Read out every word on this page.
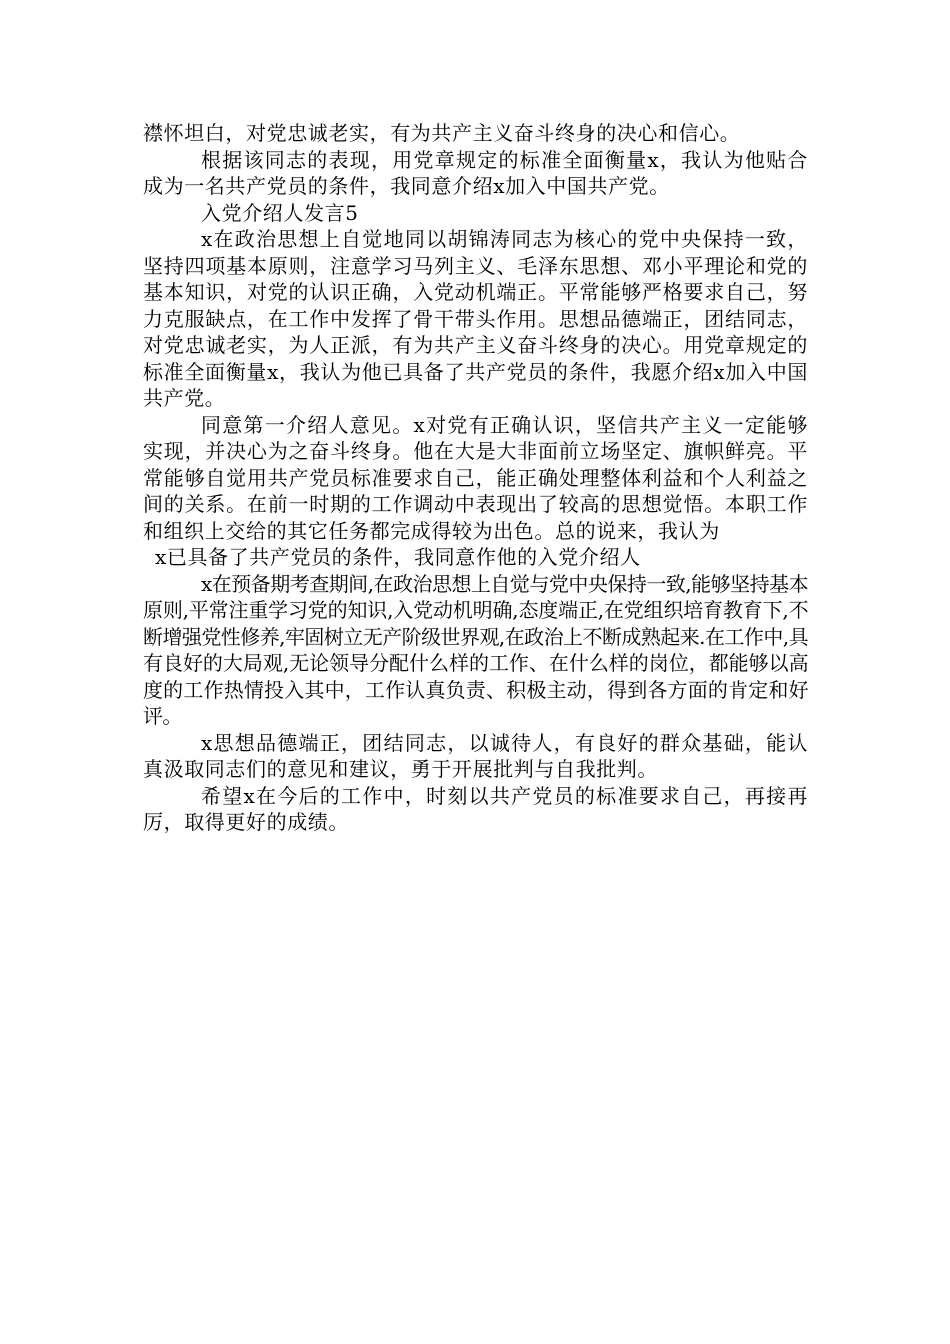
襟怀坦白，对党忠诚老实，有为共产主义奋斗终身的决心和信心。

根据该同志的表现，用党章规定的标准全面衡量x，我认为他贴合成为一名共产党员的条件，我同意介绍x加入中国共产党。

入党介绍人发言5

x在政治思想上自觉地同以胡锦涛同志为核心的党中央保持一致，坚持四项基本原则，注意学习马列主义、毛泽东思想、邓小平理论和党的基本知识，对党的认识正确，入党动机端正。平常能够严格要求自己，努力克服缺点，在工作中发挥了骨干带头作用。思想品德端正，团结同志，对党忠诚老实，为人正派，有为共产主义奋斗终身的决心。用党章规定的标准全面衡量x，我认为他已具备了共产党员的条件，我愿介绍x加入中国共产党。

同意第一介绍人意见。x对党有正确认识，坚信共产主义一定能够实现，并决心为之奋斗终身。他在大是大非面前立场坚定、旗帜鲜亮。平常能够自觉用共产党员标准要求自己，能正确处理整体利益和个人利益之间的关系。在前一时期的工作调动中表现出了较高的思想觉悟。本职工作和组织上交给的其它任务都完成得较为出色。总的说来，我认为

x已具备了共产党员的条件，我同意作他的入党介绍人

x在预备期考查期间,在政治思想上自觉与党中央保持一致,能够坚持基本原则,平常注重学习党的知识,入党动机明确,态度端正,在党组织培育教育下,不断增强党性修养,牢固树立无产阶级世界观,在政治上不断成熟起来.在工作中,具有良好的大局观,无论领导分配什么样的工作、在什么样的岗位，都能够以高度的工作热情投入其中，工作认真负责、积极主动，得到各方面的肯定和好评。

x思想品德端正，团结同志，以诚待人，有良好的群众基础，能认真汲取同志们的意见和建议，勇于开展批判与自我批判。

希望x在今后的工作中，时刻以共产党员的标准要求自己，再接再厉，取得更好的成绩。
